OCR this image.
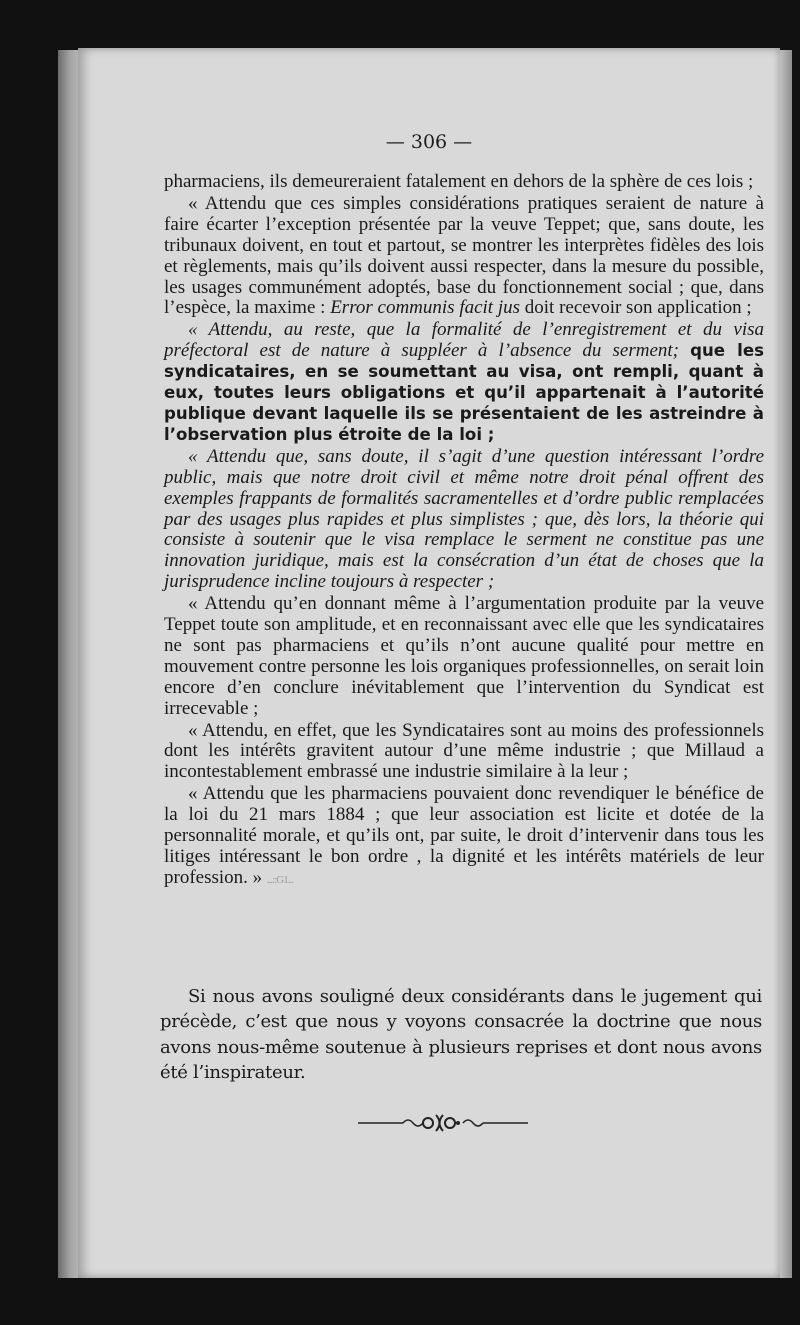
— 306 —

pharmaciens, ils demeureraient fatalement en dehors de la sphère de ces lois ;

« Attendu que ces simples considérations pratiques seraient de nature à faire écarter l’exception présentée par la veuve Teppet; que, sans doute, les tribunaux doivent, en tout et partout, se montrer les interprètes fidèles des lois et règlements, mais qu’ils doivent aussi respecter, dans la mesure du possible, les usages communément adoptés, base du fonctionnement social ; que, dans l’espèce, la maxime : Error communis facit jus doit recevoir son application ;

« Attendu, au reste, que la formalité de l’enregistrement et du visa préfectoral est de nature à suppléer à l’absence du serment; que les syndicataires, en se soumettant au visa, ont rempli, quant à eux, toutes leurs obligations et qu’il appartenait à l’autorité publique devant laquelle ils se présentaient de les astreindre à l’observation plus étroite de la loi ;

« Attendu que, sans doute, il s’agit d’une question intéressant l’ordre public, mais que notre droit civil et même notre droit pénal offrent des exemples frappants de formalités sacramentelles et d’ordre public remplacées par des usages plus rapides et plus simplistes ; que, dès lors, la théorie qui consiste à soutenir que le visa remplace le serment ne constitue pas une innovation juridique, mais est la consécration d’un état de choses que la jurisprudence incline toujours à respecter ;

« Attendu qu’en donnant même à l’argumentation produite par la veuve Teppet toute son amplitude, et en reconnaissant avec elle que les syndicataires ne sont pas pharmaciens et qu’ils n’ont aucune qualité pour mettre en mouvement contre personne les lois organiques professionnelles, on serait loin encore d’en conclure inévitablement que l’intervention du Syndicat est irrecevable ;

« Attendu, en effet, que les Syndicataires sont au moins des professionnels dont les intérêts gravitent autour d’une même industrie ; que Millaud a incontestablement embrassé une industrie similaire à la leur ;

« Attendu que les pharmaciens pouvaient donc revendiquer le bénéfice de la loi du 21 mars 1884 ; que leur association est licite et dotée de la personnalité morale, et qu’ils ont, par suite, le droit d’intervenir dans tous les litiges intéressant le bon ordre , la dignité et les intérêts matériels de leur profession. » ...::G1...

Si nous avons souligné deux considérants dans le jugement qui précède, c’est que nous y voyons consacrée la doctrine que nous avons nous-même soutenue à plusieurs reprises et dont nous avons été l’inspirateur.
